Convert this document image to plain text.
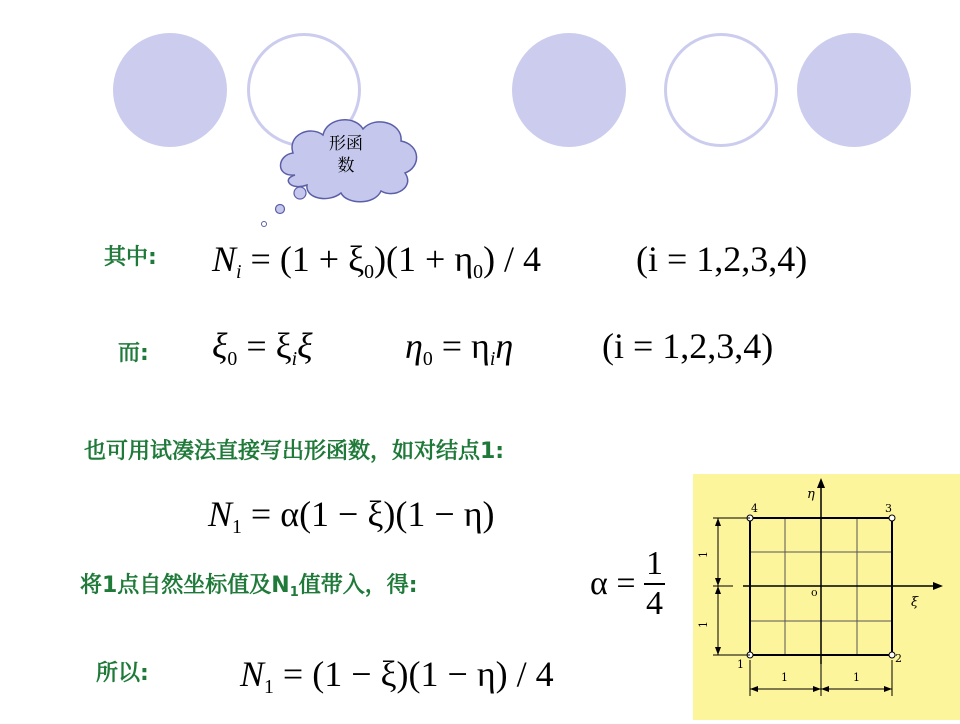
形函
数
其中:
而:
也可用试凑法直接写出形函数，如对结点1:
将1点自然坐标值及N1值带入，得:
所以:
$N_i = (1 + \xi_0)(1 + \eta_0) / 4$	(i = 1,2,3,4)
$\xi_0 = \xi_i\xi$	$\eta_0 = \eta_i\eta$ (i = 1,2,3,4)
$N_1 = \alpha(1 - \xi)(1 - \eta)$
$\alpha = \frac{1}{4}$
$N_1 = (1 - \xi)(1 - \eta) / 4$
4	3
1	2
η
ξ
o
1	1
1
1
